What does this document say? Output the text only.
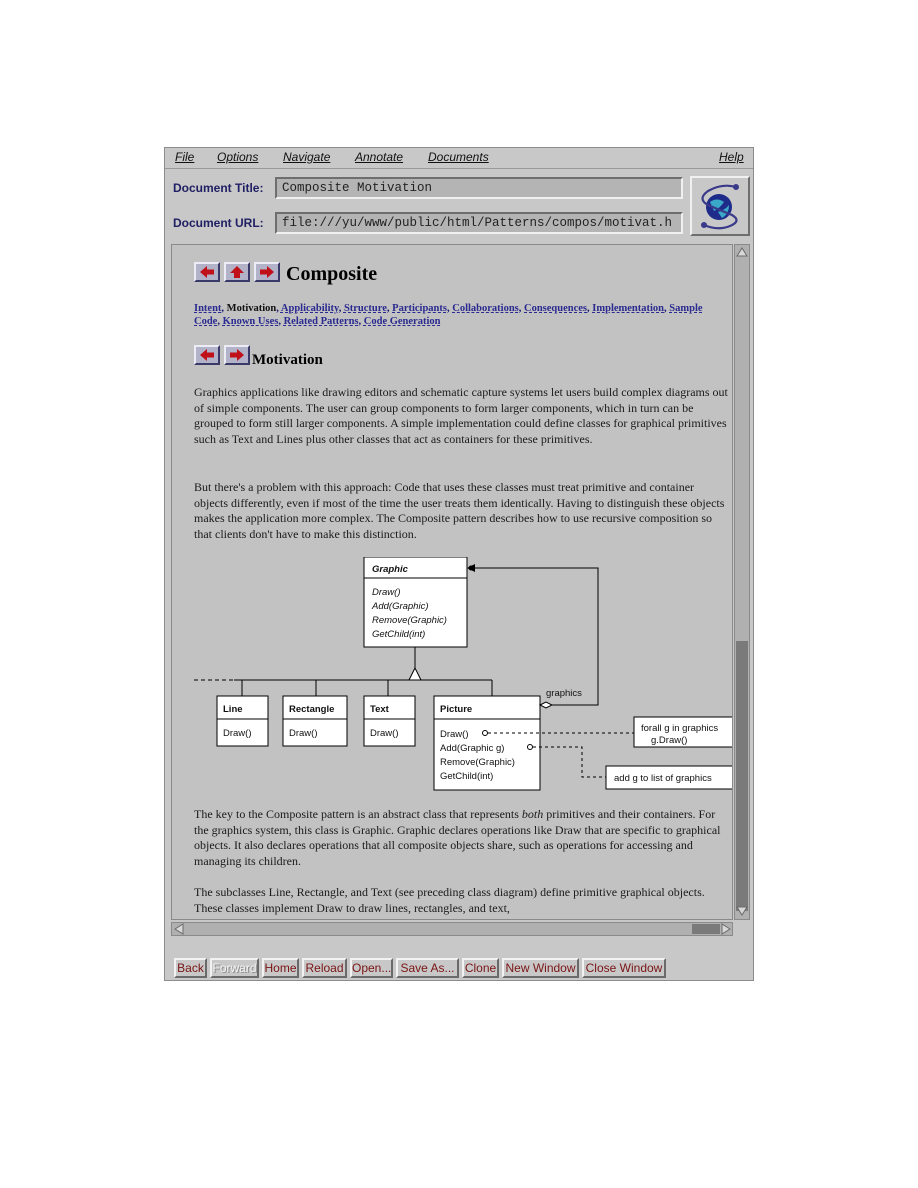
File Options Navigate Annotate Documents	Help
Document Title:	Composite Motivation
Document URL:	file:///yu/www/public/html/Patterns/compos/motivat.h
Composite
Intent, Motivation, Applicability, Structure, Participants, Collaborations, Consequences, Implementation, Sample Code, Known Uses, Related Patterns, Code Generation
Motivation

Graphics applications like drawing editors and schematic capture systems let users build complex diagrams out of simple components. The user can group components to form larger components, which in turn can be grouped to form still larger components. A simple implementation could define classes for graphical primitives such as Text and Lines plus other classes that act as containers for these primitives.

But there's a problem with this approach: Code that uses these classes must treat primitive and container objects differently, even if most of the time the user treats them identically. Having to distinguish these objects makes the application more complex. The Composite pattern describes how to use recursive composition so that clients don't have to make this distinction.

Graphic
Draw()
Add(Graphic)
Remove(Graphic)
GetChild(int)
Line
Draw()
Rectangle
Draw()
Text
Draw()
Picture
Draw()
Add(Graphic g)
Remove(Graphic)
GetChild(int)
graphics
forall g in graphics
g.Draw()
add g to list of graphics

The key to the Composite pattern is an abstract class that represents both primitives and their containers. For the graphics system, this class is Graphic. Graphic declares operations like Draw that are specific to graphical objects. It also declares operations that all composite objects share, such as operations for accessing and managing its children.

The subclasses Line, Rectangle, and Text (see preceding class diagram) define primitive graphical objects. These classes implement Draw to draw lines, rectangles, and text,

Back Forward Home Reload Open... Save As... Clone New Window Close Window
